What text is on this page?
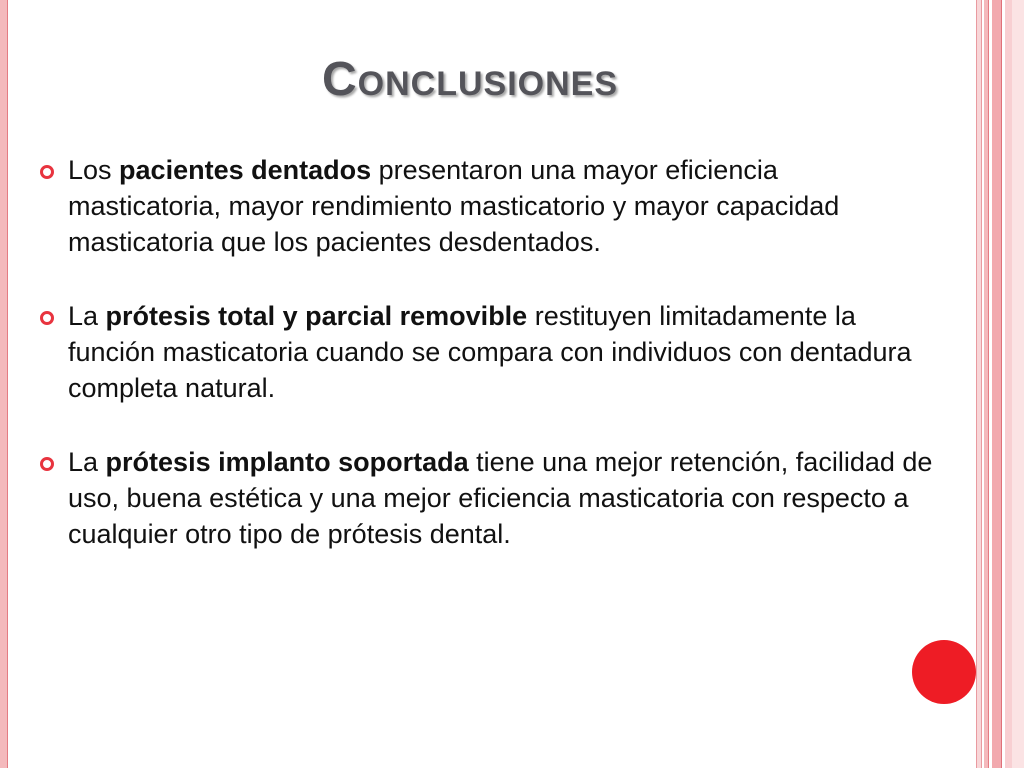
Conclusiones
Los pacientes dentados presentaron una mayor eficiencia masticatoria, mayor rendimiento masticatorio y mayor capacidad masticatoria que los pacientes desdentados.
La prótesis total y parcial removible restituyen limitadamente la función masticatoria cuando se compara con individuos con dentadura completa natural.
La prótesis implanto soportada tiene una mejor retención, facilidad de uso, buena estética y una mejor eficiencia masticatoria con respecto a cualquier otro tipo de prótesis dental.
